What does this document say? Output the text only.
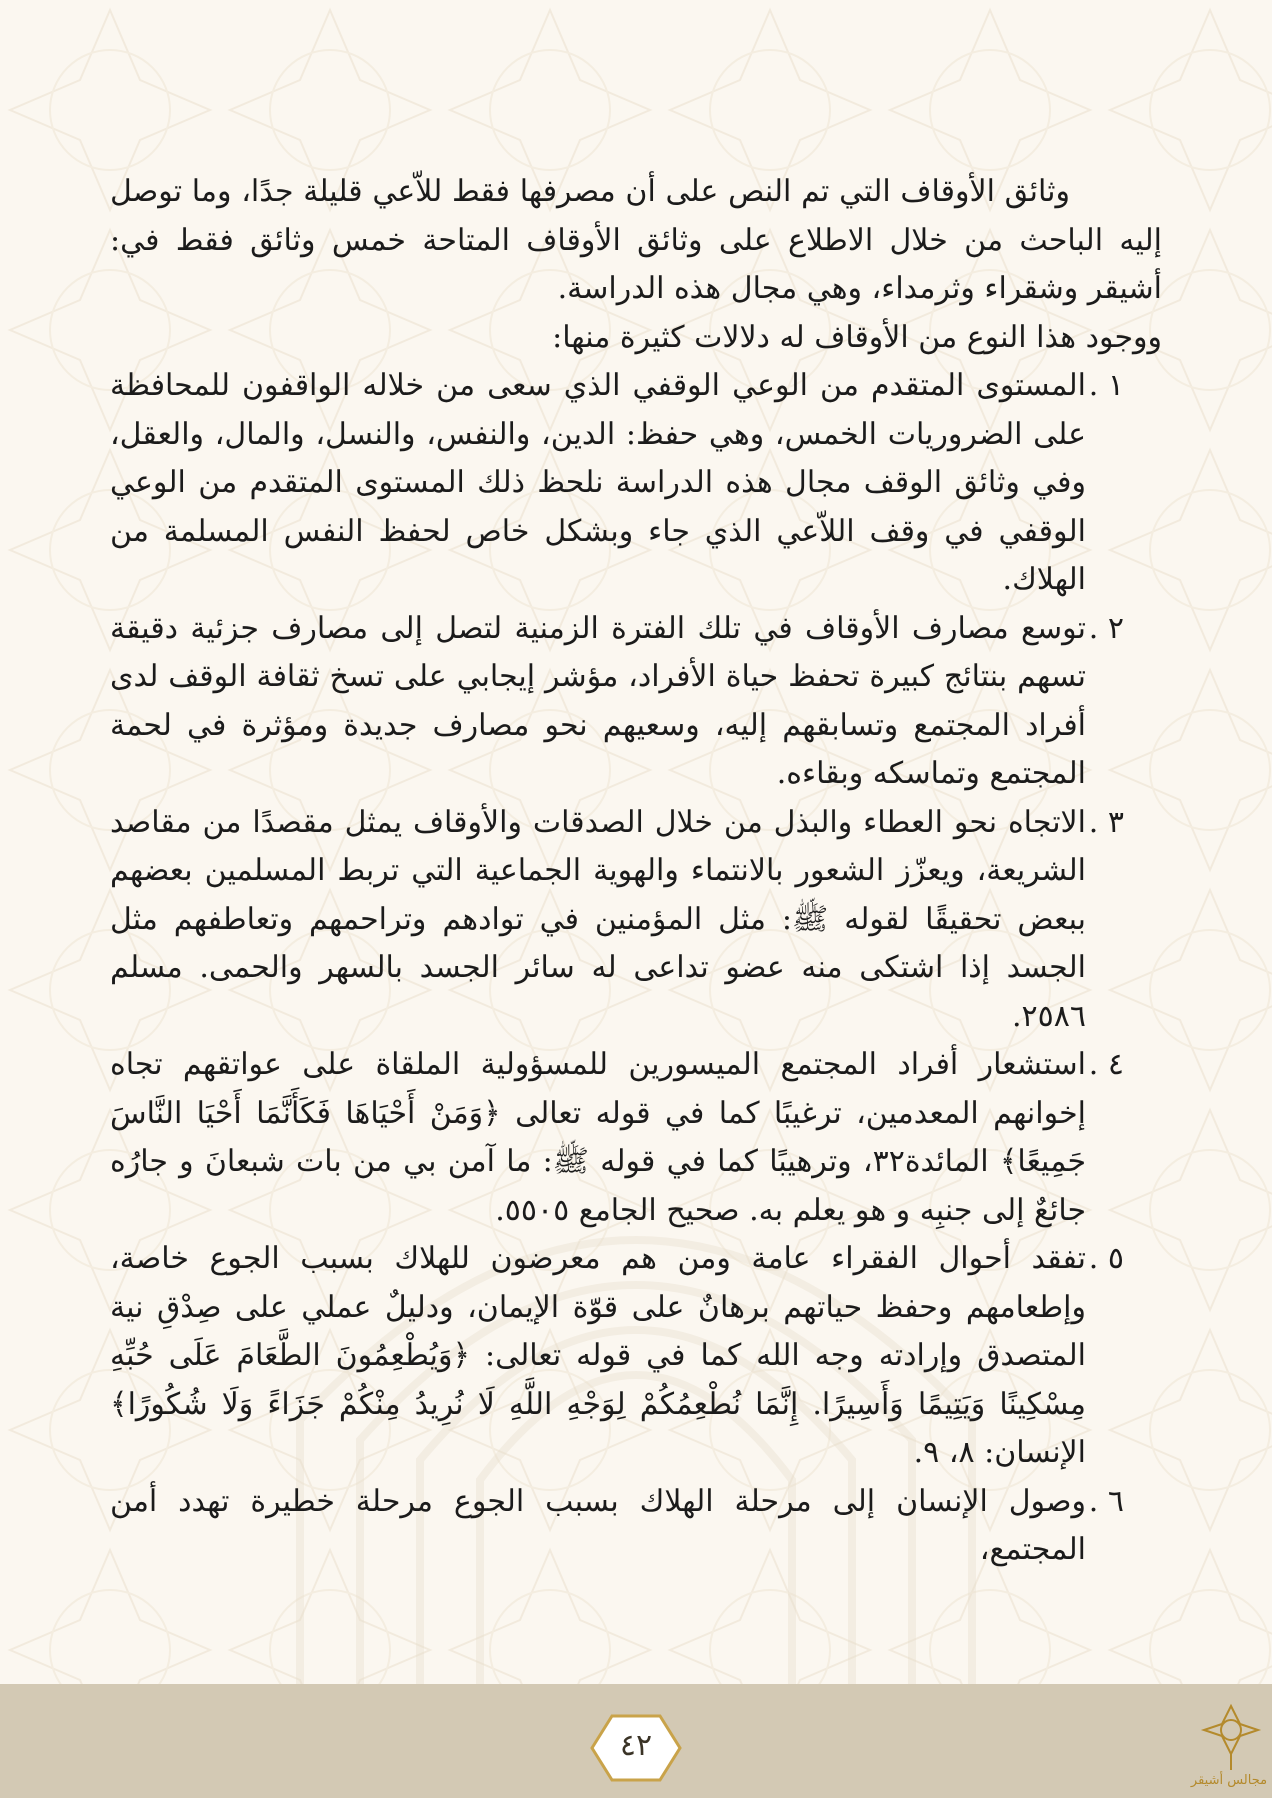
وثائق الأوقاف التي تم النص على أن مصرفها فقط للاّعي قليلة جدًا، وما توصل إليه الباحث من خلال الاطلاع على وثائق الأوقاف المتاحة خمس وثائق فقط في: أشيقر وشقراء وثرمداء، وهي مجال هذه الدراسة.

ووجود هذا النوع من الأوقاف له دلالات كثيرة منها:

١ .
المستوى المتقدم من الوعي الوقفي الذي سعى من خلاله الواقفون للمحافظة على الضروريات الخمس، وهي حفظ: الدين، والنفس، والنسل، والمال، والعقل، وفي وثائق الوقف مجال هذه الدراسة نلحظ ذلك المستوى المتقدم من الوعي الوقفي في وقف اللاّعي الذي جاء وبشكل خاص لحفظ النفس المسلمة من الهلاك.
٢ .
توسع مصارف الأوقاف في تلك الفترة الزمنية لتصل إلى مصارف جزئية دقيقة تسهم بنتائج كبيرة تحفظ حياة الأفراد، مؤشر إيجابي على تسخ ثقافة الوقف لدى أفراد المجتمع وتسابقهم إليه، وسعيهم نحو مصارف جديدة ومؤثرة في لحمة المجتمع وتماسكه وبقاءه.
٣ .
الاتجاه نحو العطاء والبذل من خلال الصدقات والأوقاف يمثل مقصدًا من مقاصد الشريعة، ويعزّز الشعور بالانتماء والهوية الجماعية التي تربط المسلمين بعضهم ببعض تحقيقًا لقوله ﷺ: مثل المؤمنين في توادهم وتراحمهم وتعاطفهم مثل الجسد إذا اشتكى منه عضو تداعى له سائر الجسد بالسهر والحمى. مسلم ٢٥٨٦.
٤ .
استشعار أفراد المجتمع الميسورين للمسؤولية الملقاة على عواتقهم تجاه إخوانهم المعدمين، ترغيبًا كما في قوله تعالى ﴿وَمَنْ أَحْيَاهَا فَكَأَنَّمَا أَحْيَا النَّاسَ جَمِيعًا﴾ المائدة٣٢، وترهيبًا كما في قوله ﷺ: ما آمن بي من بات شبعانَ و جارُه جائعٌ إلى جنبِه و هو يعلم به. صحيح الجامع ٥٥٠٥.
٥ .
تفقد أحوال الفقراء عامة ومن هم معرضون للهلاك بسبب الجوع خاصة، وإطعامهم وحفظ حياتهم برهانٌ على قوّة الإيمان، ودليلٌ عملي على صِدْقِ نية المتصدق وإرادته وجه الله كما في قوله تعالى: ﴿وَيُطْعِمُونَ الطَّعَامَ عَلَى حُبِّهِ مِسْكِينًا وَيَتِيمًا وَأَسِيرًا. إِنَّمَا نُطْعِمُكُمْ لِوَجْهِ اللَّهِ لَا نُرِيدُ مِنْكُمْ جَزَاءً وَلَا شُكُورًا﴾ الإنسان: ٨، ٩.
٦ .
وصول الإنسان إلى مرحلة الهلاك بسبب الجوع مرحلة خطيرة تهدد أمن المجتمع،
٤٢
مجالس أشيقر
